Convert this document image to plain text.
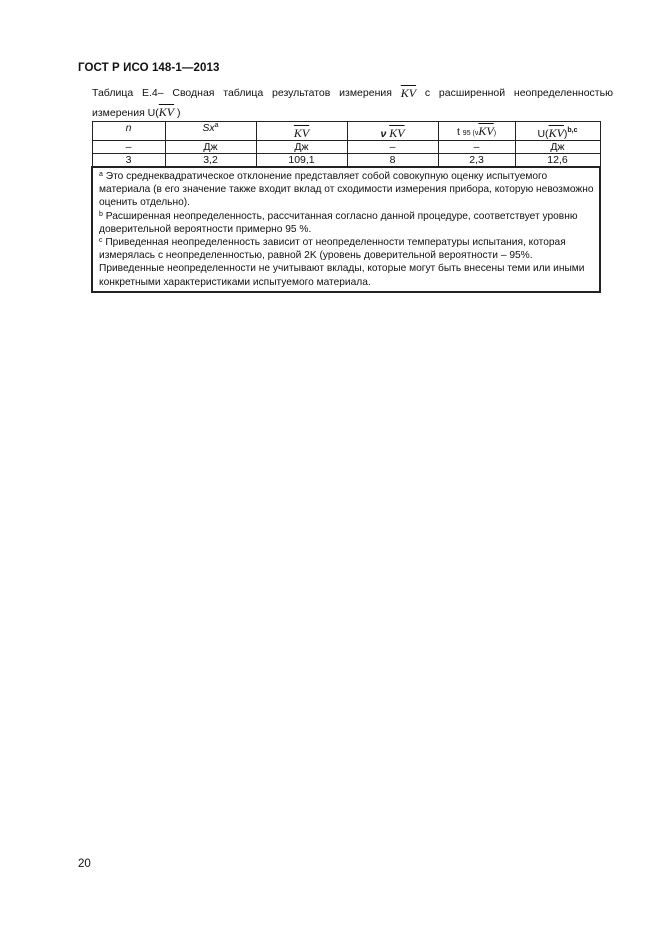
ГОСТ Р ИСО 148-1—2013
Таблица Е.4– Сводная таблица результатов измерения $\overline{KV}$ с расширенной неопределенностью
измерения $U(\overline{KV}$ )
n	Sx$^a$	$\overline{KV}$	ν $\overline{KV}$	t 95 $(\nu\overline{KV})$	$U(\overline{KV})^{b,c}$
–	Дж	Дж	–	–	Дж
3	3,2	109,1	8	2,3	12,6

$^a$ Это среднеквадратическое отклонение представляет собой совокупную оценку испытуемого материала (в его значение также входит вклад от сходимости измерения прибора, которую невозможно оценить отдельно).

$^b$ Расширенная неопределенность, рассчитанная согласно данной процедуре, соответствует уровню доверительной вероятности примерно 95 %.

$^c$ Приведенная неопределенность зависит от неопределенности температуры испытания, которая измерялась с неопределенностью, равной 2K (уровень доверительной вероятности – 95%. Приведенные неопределенности не учитывают вклады, которые могут быть внесены теми или иными конкретными характеристиками испытуемого материала.					

20
